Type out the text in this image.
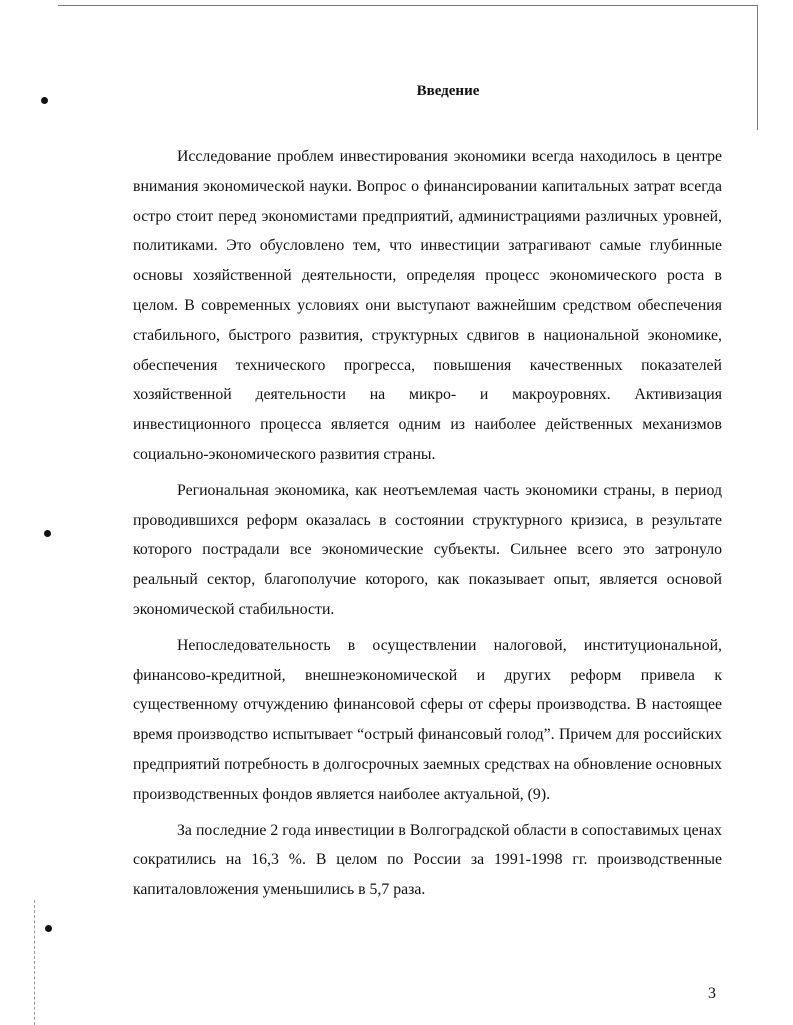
Введение

Исследование проблем инвестирования экономики всегда находилось в центре внимания экономической науки. Вопрос о финансировании капитальных затрат всегда остро стоит перед экономистами предприятий, администрациями различных уровней, политиками. Это обусловлено тем, что инвестиции затрагивают самые глубинные основы хозяйственной деятельности, определяя процесс экономического роста в целом. В современных условиях они выступают важнейшим средством обеспечения стабильного, быстрого развития, структурных сдвигов в национальной экономике, обеспечения технического прогресса, повышения качественных показателей хозяйственной деятельности на микро- и макроуровнях. Активизация инвестиционного процесса является одним из наиболее действенных механизмов социально-экономического развития страны.

Региональная экономика, как неотъемлемая часть экономики страны, в период проводившихся реформ оказалась в состоянии структурного кризиса, в результате которого пострадали все экономические субъекты. Сильнее всего это затронуло реальный сектор, благополучие которого, как показывает опыт, является основой экономической стабильности.

Непоследовательность в осуществлении налоговой, институциональной, финансово-кредитной, внешнеэкономической и других реформ привела к существенному отчуждению финансовой сферы от сферы производства. В настоящее время производство испытывает “острый финансовый голод”. Причем для российских предприятий потребность в долгосрочных заемных средствах на обновление основных производственных фондов является наиболее актуальной, (9).

За последние 2 года инвестиции в Волгоградской области в сопоставимых ценах сократились на 16,3 %. В целом по России за 1991-1998 гг. производственные капиталовложения уменьшились в 5,7 раза.

3
